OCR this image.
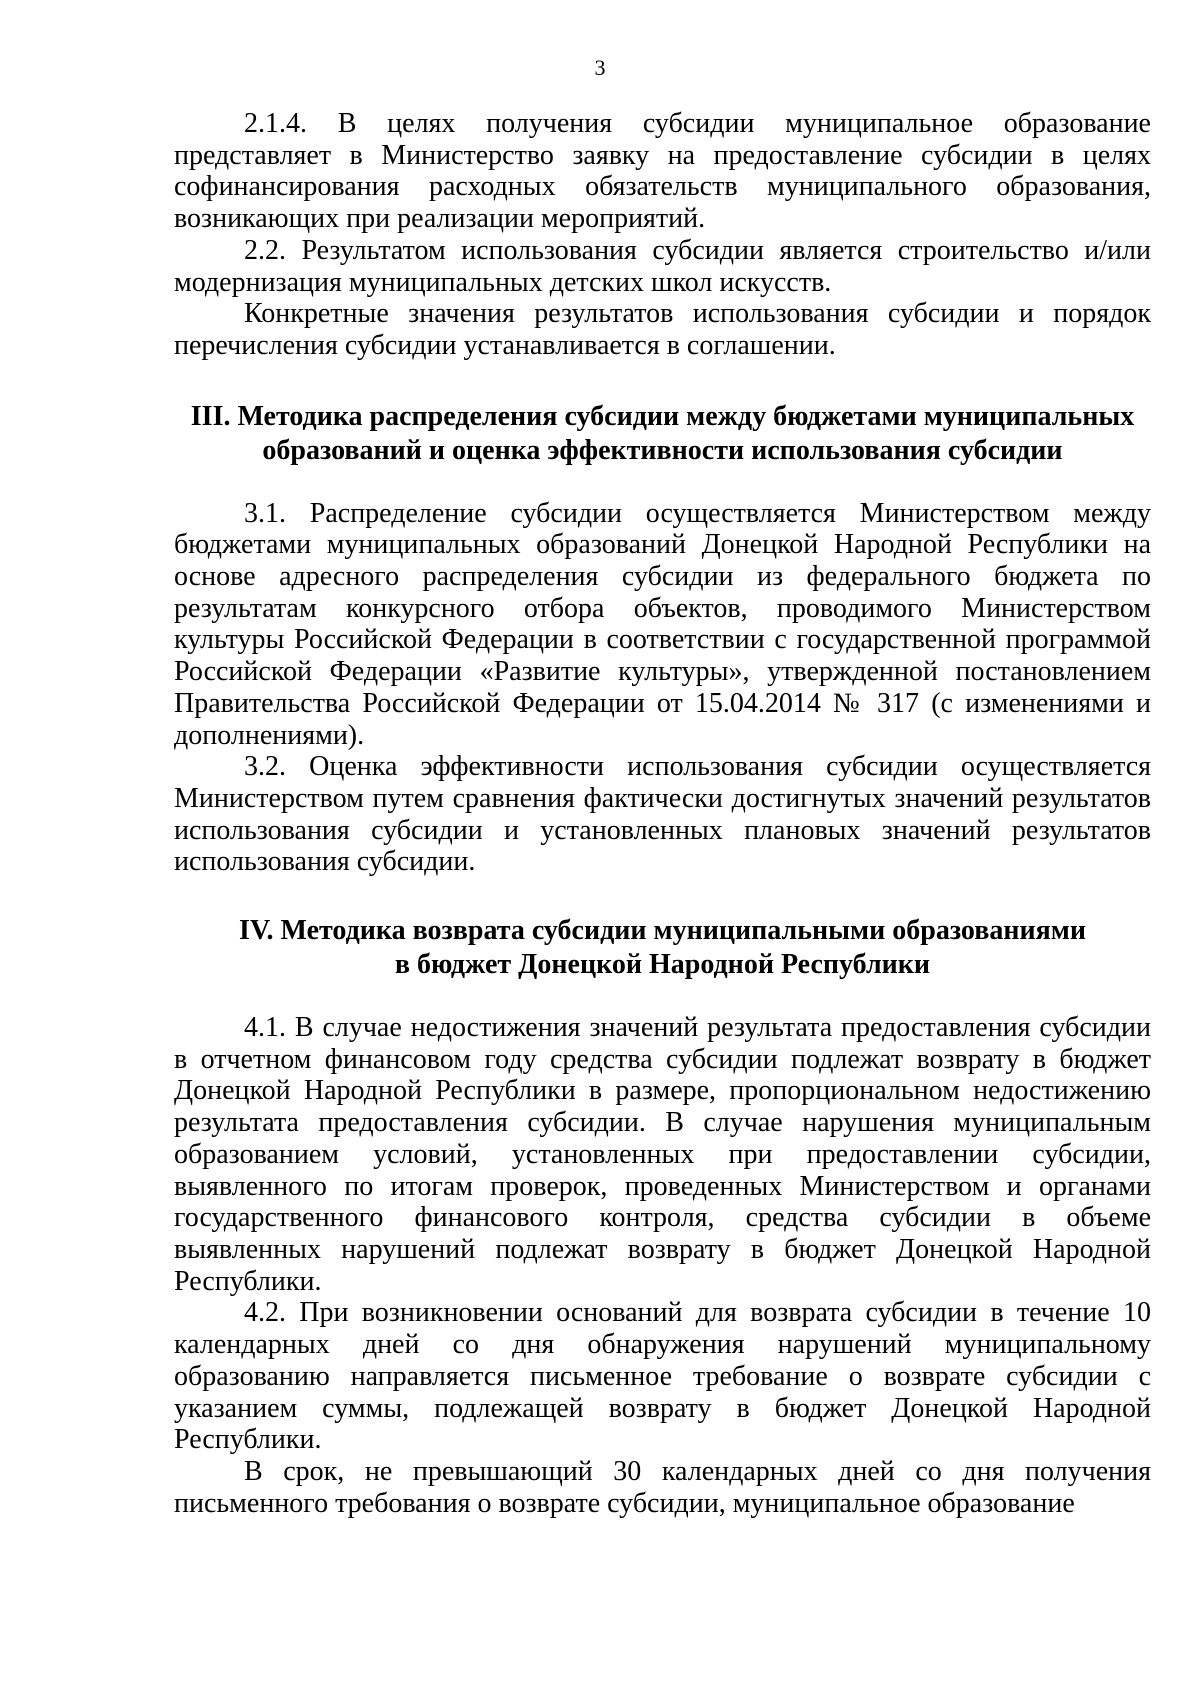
3

2.1.4. В целях получения субсидии муниципальное образование представляет в Министерство заявку на предоставление субсидии в целях софинансирования расходных обязательств муниципального образования, возникающих при реализации мероприятий.

2.2. Результатом использования субсидии является строительство и/или модернизация муниципальных детских школ искусств.

Конкретные значения результатов использования субсидии и порядок перечисления субсидии устанавливается в соглашении.

III. Методика распределения субсидии между бюджетами муниципальных
образований и оценка эффективности использования субсидии

3.1. Распределение субсидии осуществляется Министерством между бюджетами муниципальных образований Донецкой Народной Республики на основе адресного распределения субсидии из федерального бюджета по результатам конкурсного отбора объектов, проводимого Министерством культуры Российской Федерации в соответствии с государственной программой Российской Федерации «Развитие культуры», утвержденной постановлением Правительства Российской Федерации от 15.04.2014 № 317 (с изменениями и дополнениями).

3.2. Оценка эффективности использования субсидии осуществляется Министерством путем сравнения фактически достигнутых значений результатов использования субсидии и установленных плановых значений результатов использования субсидии.

IV. Методика возврата субсидии муниципальными образованиями
в бюджет Донецкой Народной Республики

4.1. В случае недостижения значений результата предоставления субсидии в отчетном финансовом году средства субсидии подлежат возврату в бюджет Донецкой Народной Республики в размере, пропорциональном недостижению результата предоставления субсидии. В случае нарушения муниципальным образованием условий, установленных при предоставлении субсидии, выявленного по итогам проверок, проведенных Министерством и органами государственного финансового контроля, средства субсидии в объеме выявленных нарушений подлежат возврату в бюджет Донецкой Народной Республики.

4.2. При возникновении оснований для возврата субсидии в течение 10 календарных дней со дня обнаружения нарушений муниципальному образованию направляется письменное требование о возврате субсидии с указанием суммы, подлежащей возврату в бюджет Донецкой Народной Республики.

В срок, не превышающий 30 календарных дней со дня получения письменного требования о возврате субсидии, муниципальное образование
